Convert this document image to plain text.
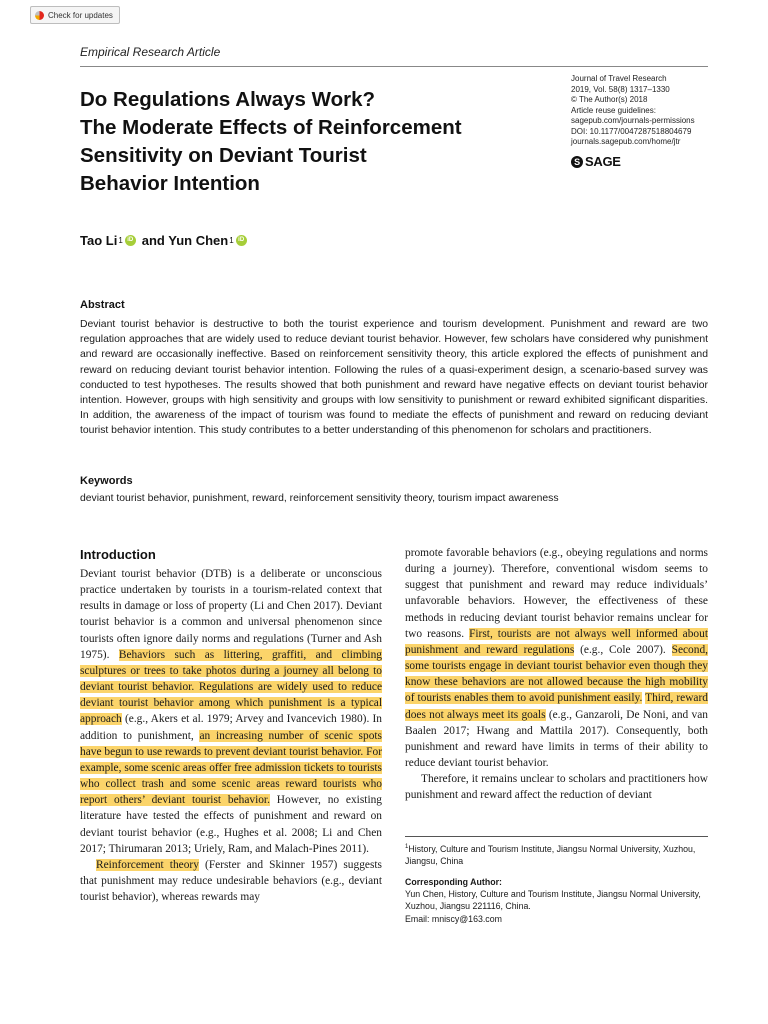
Check for updates
Empirical Research Article
Do Regulations Always Work?
The Moderate Effects of Reinforcement
Sensitivity on Deviant Tourist
Behavior Intention
Journal of Travel Research
2019, Vol. 58(8) 1317–1330
© The Author(s) 2018
Article reuse guidelines:
sagepub.com/journals-permissions
DOI: 10.1177/0047287518804679
journals.sagepub.com/home/jtr
S SAGE
Tao Li 1 iD and Yun Chen 1 iD
Abstract
Deviant tourist behavior is destructive to both the tourist experience and tourism development. Punishment and reward are two regulation approaches that are widely used to reduce deviant tourist behavior. However, few scholars have considered why punishment and reward are occasionally ineffective. Based on reinforcement sensitivity theory, this article explored the effects of punishment and reward on reducing deviant tourist behavior intention. Following the rules of a quasi-experiment design, a scenario-based survey was conducted to test hypotheses. The results showed that both punishment and reward have negative effects on deviant tourist behavior intention. However, groups with high sensitivity and groups with low sensitivity to punishment or reward exhibited significant disparities. In addition, the awareness of the impact of tourism was found to mediate the effects of punishment and reward on reducing deviant tourist behavior intention. This study contributes to a better understanding of this phenomenon for scholars and practitioners.
Keywords
deviant tourist behavior, punishment, reward, reinforcement sensitivity theory, tourism impact awareness
Introduction

Deviant tourist behavior (DTB) is a deliberate or unconscious practice undertaken by tourists in a tourism-related context that results in damage or loss of property (Li and Chen 2017). Deviant tourist behavior is a common and universal phenomenon since tourists often ignore daily norms and regulations (Turner and Ash 1975). Behaviors such as littering, graffiti, and climbing sculptures or trees to take photos during a journey all belong to deviant tourist behavior. Regulations are widely used to reduce deviant tourist behavior among which punishment is a typical approach (e.g., Akers et al. 1979; Arvey and Ivancevich 1980). In addition to punishment, an increasing number of scenic spots have begun to use rewards to prevent deviant tourist behavior. For example, some scenic areas offer free admission tickets to tourists who collect trash and some scenic areas reward tourists who report others’ deviant tourist behavior. However, no existing literature have tested the effects of punishment and reward on deviant tourist behavior (e.g., Hughes et al. 2008; Li and Chen 2017; Thirumaran 2013; Uriely, Ram, and Malach-Pines 2011).

Reinforcement theory (Ferster and Skinner 1957) suggests that punishment may reduce undesirable behaviors (e.g., deviant tourist behavior), whereas rewards may

promote favorable behaviors (e.g., obeying regulations and norms during a journey). Therefore, conventional wisdom seems to suggest that punishment and reward may reduce individuals’ unfavorable behaviors. However, the effectiveness of these methods in reducing deviant tourist behavior remains unclear for two reasons. First, tourists are not always well informed about punishment and reward regulations (e.g., Cole 2007). Second, some tourists engage in deviant tourist behavior even though they know these behaviors are not allowed because the high mobility of tourists enables them to avoid punishment easily. Third, reward does not always meet its goals (e.g., Ganzaroli, De Noni, and van Baalen 2017; Hwang and Mattila 2017). Consequently, both punishment and reward have limits in terms of their ability to reduce deviant tourist behavior.

Therefore, it remains unclear to scholars and practitioners how punishment and reward affect the reduction of deviant

$^1$History, Culture and Tourism Institute, Jiangsu Normal University, Xuzhou, Jiangsu, China
Corresponding Author:
Yun Chen, History, Culture and Tourism Institute, Jiangsu Normal University, Xuzhou, Jiangsu 221116, China.
Email: mniscy@163.com
